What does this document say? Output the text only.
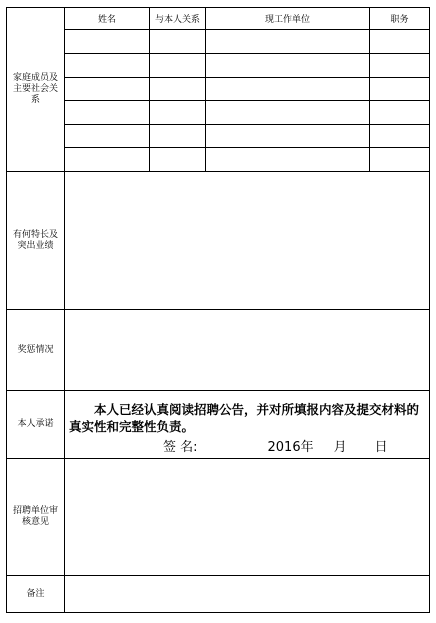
家庭成员及主要社会关系	姓名	与本人关系	现工作单位	职务

有何特长及突出业绩				
奖惩情况				
本人承诺	本人已经认真阅读招聘公告，并对所填报内容及提交材料的真实性和完整性负责。

签 名: 2016年 月 日			

招聘单位审核意见				
备注				
